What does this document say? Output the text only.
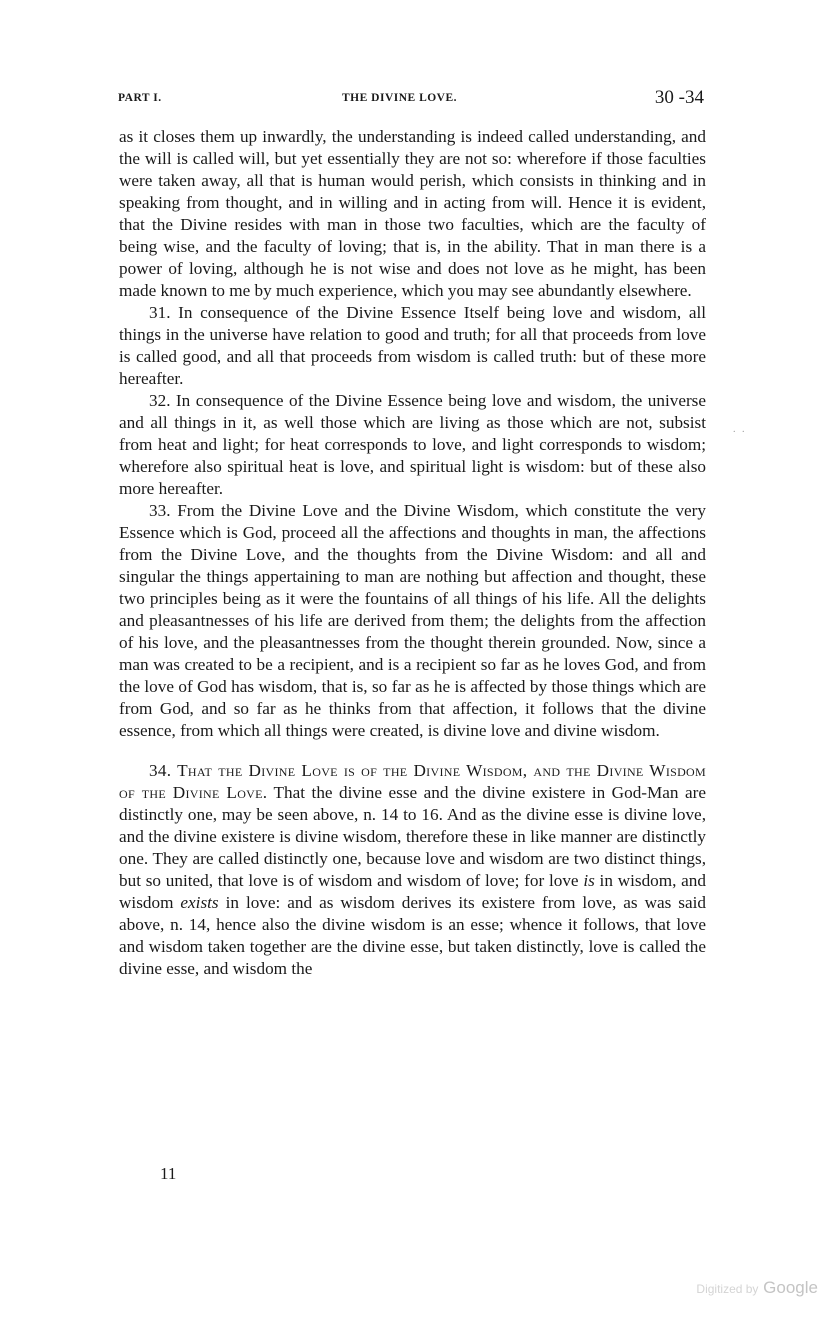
PART I.	THE DIVINE LOVE.	30 -34

as it closes them up inwardly, the understanding is indeed called understanding, and the will is called will, but yet essentially they are not so: wherefore if those faculties were taken away, all that is human would perish, which consists in thinking and in speaking from thought, and in willing and in acting from will. Hence it is evident, that the Divine resides with man in those two faculties, which are the faculty of being wise, and the faculty of loving; that is, in the ability. That in man there is a power of loving, although he is not wise and does not love as he might, has been made known to me by much experience, which you may see abundantly elsewhere.

31. In consequence of the Divine Essence Itself being love and wisdom, all things in the universe have relation to good and truth; for all that proceeds from love is called good, and all that proceeds from wisdom is called truth: but of these more hereafter.

32. In consequence of the Divine Essence being love and wisdom, the universe and all things in it, as well those which are living as those which are not, subsist from heat and light; for heat corresponds to love, and light corresponds to wisdom; wherefore also spiritual heat is love, and spiritual light is wisdom: but of these also more hereafter.

33. From the Divine Love and the Divine Wisdom, which constitute the very Essence which is God, proceed all the affections and thoughts in man, the affections from the Divine Love, and the thoughts from the Divine Wisdom: and all and singular the things appertaining to man are nothing but affection and thought, these two principles being as it were the fountains of all things of his life. All the delights and pleasantnesses of his life are derived from them; the delights from the affection of his love, and the pleasantnesses from the thought therein grounded. Now, since a man was created to be a recipient, and is a recipient so far as he loves God, and from the love of God has wisdom, that is, so far as he is affected by those things which are from God, and so far as he thinks from that affection, it follows that the divine essence, from which all things were created, is divine love and divine wisdom.

34. That the Divine Love is of the Divine Wisdom, and the Divine Wisdom of the Divine Love. That the divine esse and the divine existere in God-Man are distinctly one, may be seen above, n. 14 to 16. And as the divine esse is divine love, and the divine existere is divine wisdom, therefore these in like manner are distinctly one. They are called distinctly one, because love and wisdom are two distinct things, but so united, that love is of wisdom and wisdom of love; for love is in wisdom, and wisdom exists in love: and as wisdom derives its existere from love, as was said above, n. 14, hence also the divine wisdom is an esse; whence it follows, that love and wisdom taken together are the divine esse, but taken distinctly, love is called the divine esse, and wisdom the

11
. .
Digitized by Google
